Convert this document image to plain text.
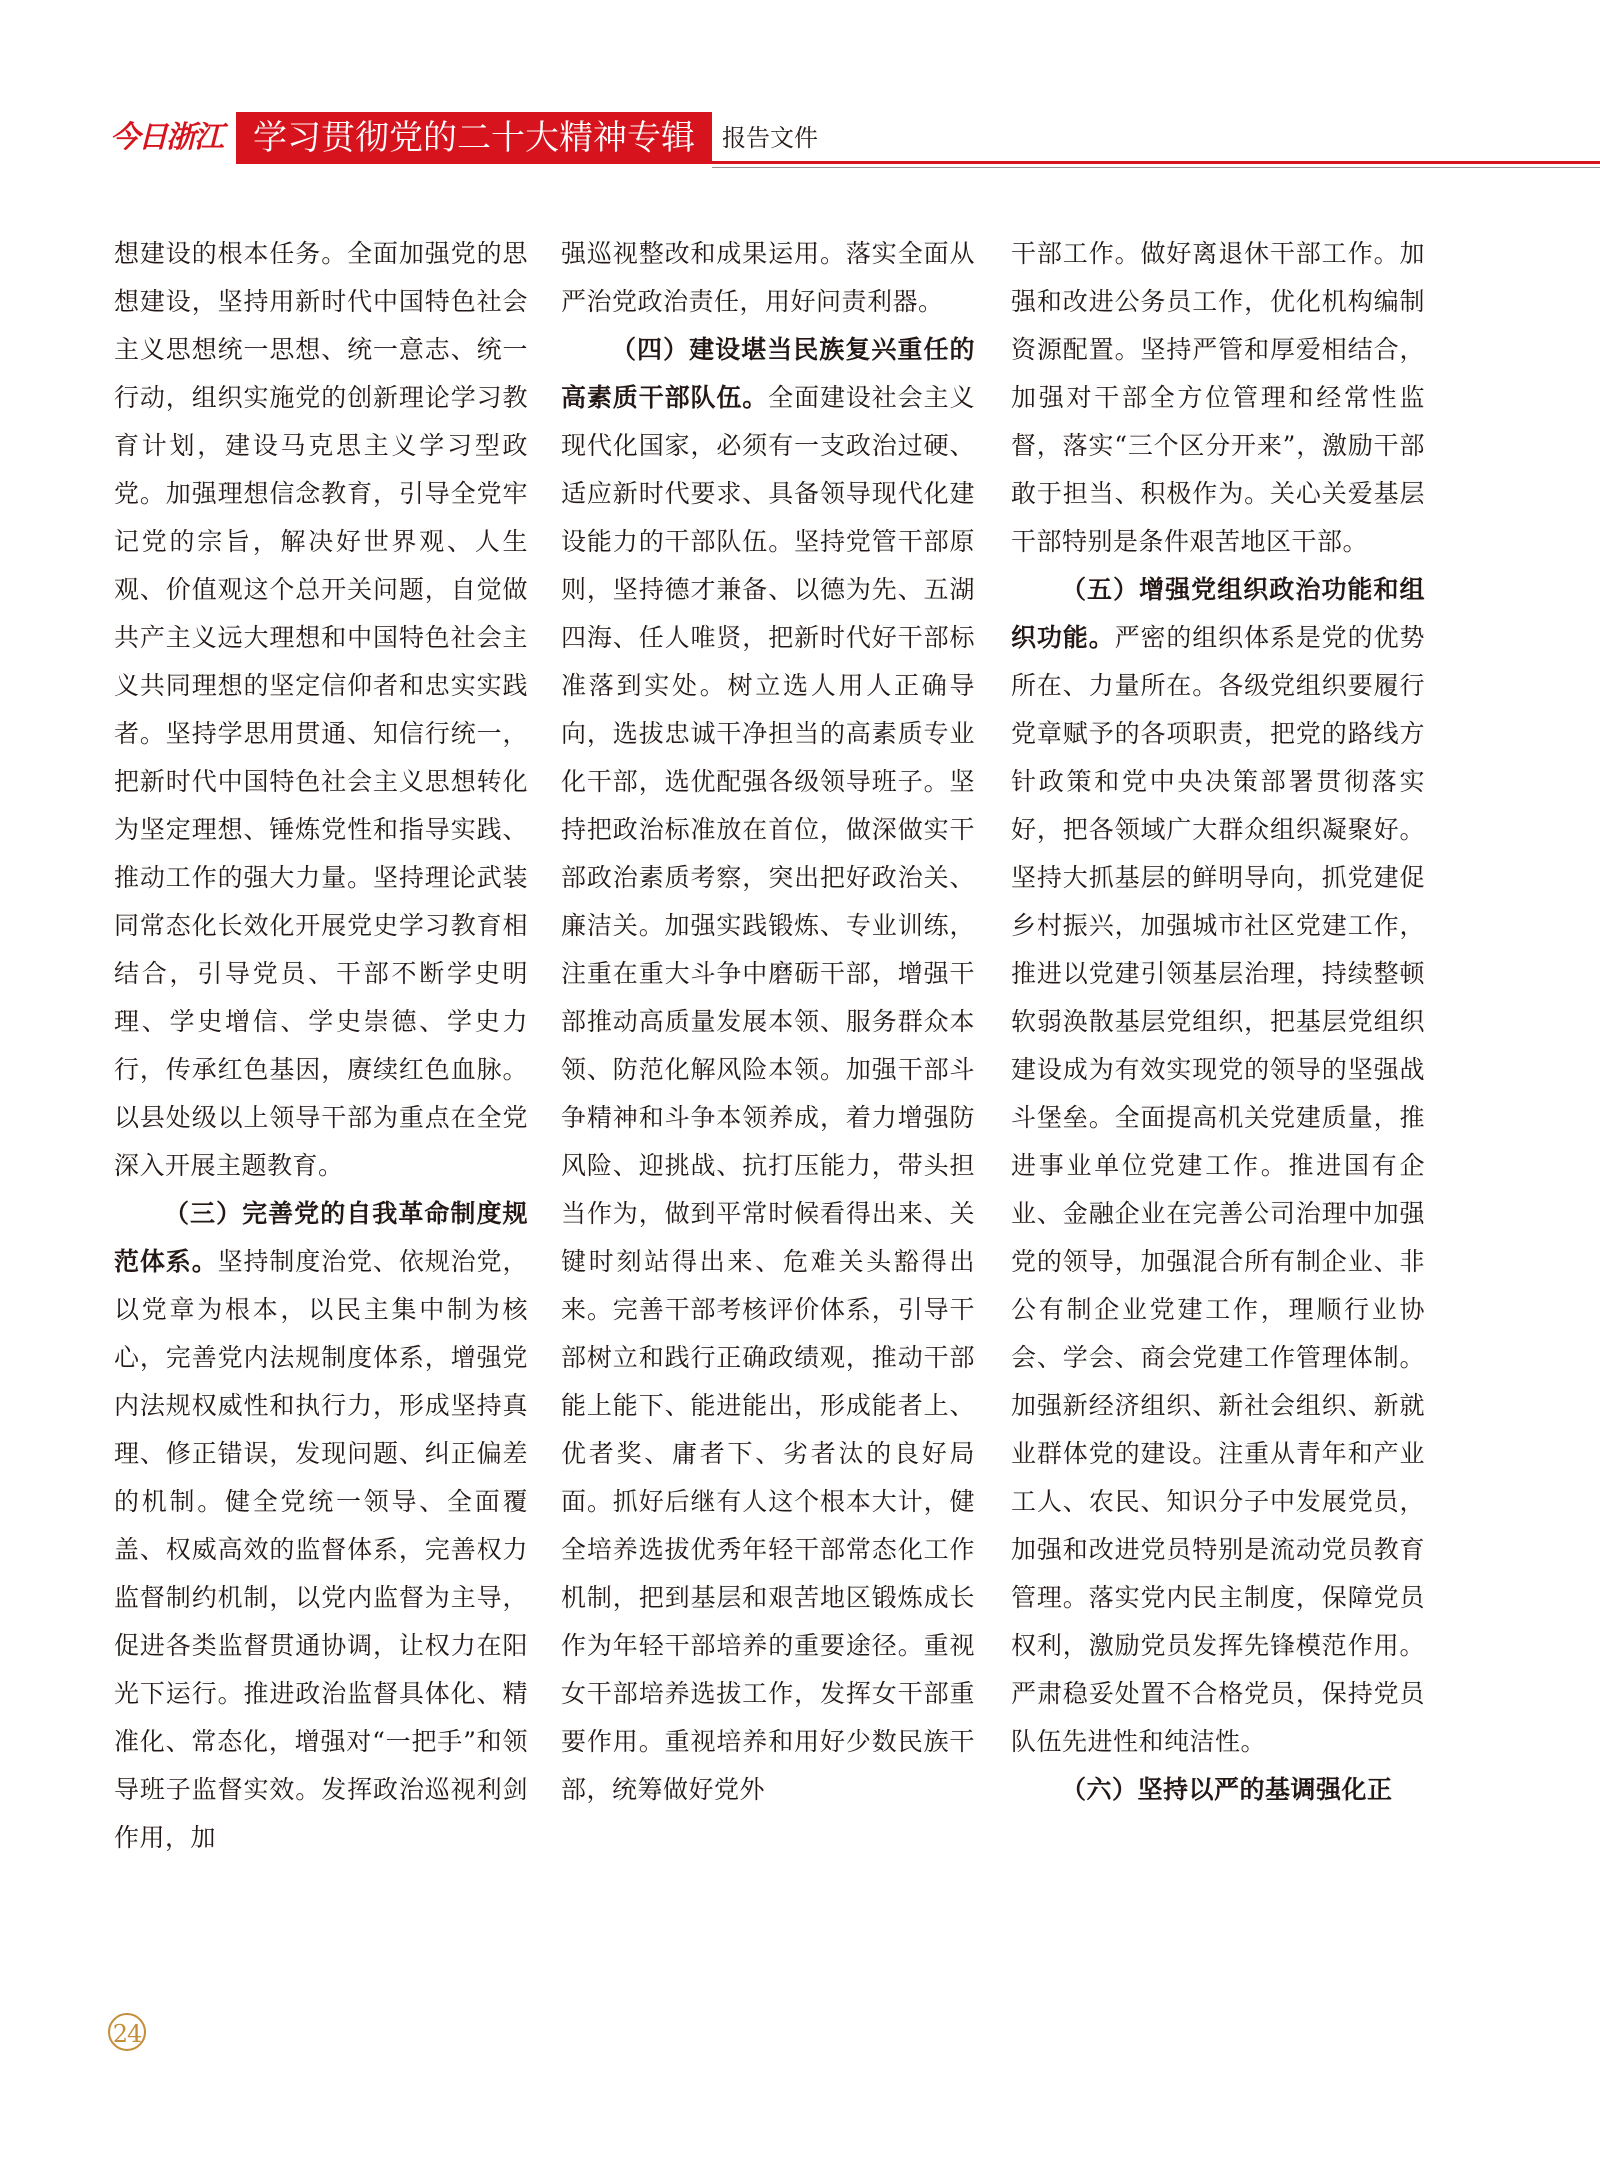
今日浙江 学习贯彻党的二十大精神专辑	报告文件

想建设的根本任务。全面加强党的思想建设，坚持用新时代中国特色社会主义思想统一思想、统一意志、统一行动，组织实施党的创新理论学习教育计划，建设马克思主义学习型政党。加强理想信念教育，引导全党牢记党的宗旨，解决好世界观、人生观、价值观这个总开关问题，自觉做共产主义远大理想和中国特色社会主义共同理想的坚定信仰者和忠实实践者。坚持学思用贯通、知信行统一，把新时代中国特色社会主义思想转化为坚定理想、锤炼党性和指导实践、推动工作的强大力量。坚持理论武装同常态化长效化开展党史学习教育相结合，引导党员、干部不断学史明理、学史增信、学史崇德、学史力行，传承红色基因，赓续红色血脉。以县处级以上领导干部为重点在全党深入开展主题教育。

（三）完善党的自我革命制度规范体系。坚持制度治党、依规治党，以党章为根本，以民主集中制为核心，完善党内法规制度体系，增强党内法规权威性和执行力，形成坚持真理、修正错误，发现问题、纠正偏差的机制。健全党统一领导、全面覆盖、权威高效的监督体系，完善权力监督制约机制，以党内监督为主导，促进各类监督贯通协调，让权力在阳光下运行。推进政治监督具体化、精准化、常态化，增强对“一把手”和领导班子监督实效。发挥政治巡视利剑作用，加

强巡视整改和成果运用。落实全面从严治党政治责任，用好问责利器。

（四）建设堪当民族复兴重任的高素质干部队伍。全面建设社会主义现代化国家，必须有一支政治过硬、适应新时代要求、具备领导现代化建设能力的干部队伍。坚持党管干部原则，坚持德才兼备、以德为先、五湖四海、任人唯贤，把新时代好干部标准落到实处。树立选人用人正确导向，选拔忠诚干净担当的高素质专业化干部，选优配强各级领导班子。坚持把政治标准放在首位，做深做实干部政治素质考察，突出把好政治关、廉洁关。加强实践锻炼、专业训练，注重在重大斗争中磨砺干部，增强干部推动高质量发展本领、服务群众本领、防范化解风险本领。加强干部斗争精神和斗争本领养成，着力增强防风险、迎挑战、抗打压能力，带头担当作为，做到平常时候看得出来、关键时刻站得出来、危难关头豁得出来。完善干部考核评价体系，引导干部树立和践行正确政绩观，推动干部能上能下、能进能出，形成能者上、优者奖、庸者下、劣者汰的良好局面。抓好后继有人这个根本大计，健全培养选拔优秀年轻干部常态化工作机制，把到基层和艰苦地区锻炼成长作为年轻干部培养的重要途径。重视女干部培养选拔工作，发挥女干部重要作用。重视培养和用好少数民族干部，统筹做好党外

干部工作。做好离退休干部工作。加强和改进公务员工作，优化机构编制资源配置。坚持严管和厚爱相结合，加强对干部全方位管理和经常性监督，落实“三个区分开来”，激励干部敢于担当、积极作为。关心关爱基层干部特别是条件艰苦地区干部。

（五）增强党组织政治功能和组织功能。严密的组织体系是党的优势所在、力量所在。各级党组织要履行党章赋予的各项职责，把党的路线方针政策和党中央决策部署贯彻落实好，把各领域广大群众组织凝聚好。坚持大抓基层的鲜明导向，抓党建促乡村振兴，加强城市社区党建工作，推进以党建引领基层治理，持续整顿软弱涣散基层党组织，把基层党组织建设成为有效实现党的领导的坚强战斗堡垒。全面提高机关党建质量，推进事业单位党建工作。推进国有企业、金融企业在完善公司治理中加强党的领导，加强混合所有制企业、非公有制企业党建工作，理顺行业协会、学会、商会党建工作管理体制。加强新经济组织、新社会组织、新就业群体党的建设。注重从青年和产业工人、农民、知识分子中发展党员，加强和改进党员特别是流动党员教育管理。落实党内民主制度，保障党员权利，激励党员发挥先锋模范作用。严肃稳妥处置不合格党员，保持党员队伍先进性和纯洁性。

（六）坚持以严的基调强化正

24
